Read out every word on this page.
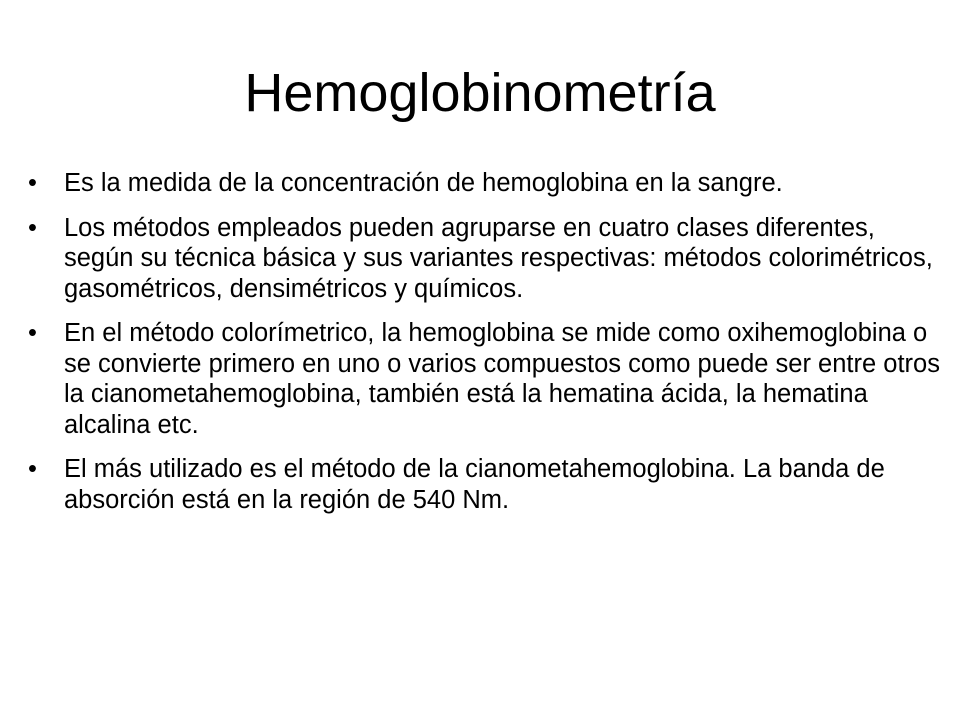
Hemoglobinometría
• Es la medida de la concentración de hemoglobina en la sangre.
• Los métodos empleados pueden agruparse en cuatro clases diferentes, según su técnica básica y sus variantes respectivas: métodos colorimétricos, gasométricos, densimétricos y químicos.
• En el método colorímetrico, la hemoglobina se mide como oxihemoglobina o se convierte primero en uno o varios compuestos como puede ser entre otros la cianometahemoglobina, también está la hematina ácida, la hematina alcalina etc.
• El más utilizado es el método de la cianometahemoglobina. La banda de absorción está en la región de 540 Nm.
